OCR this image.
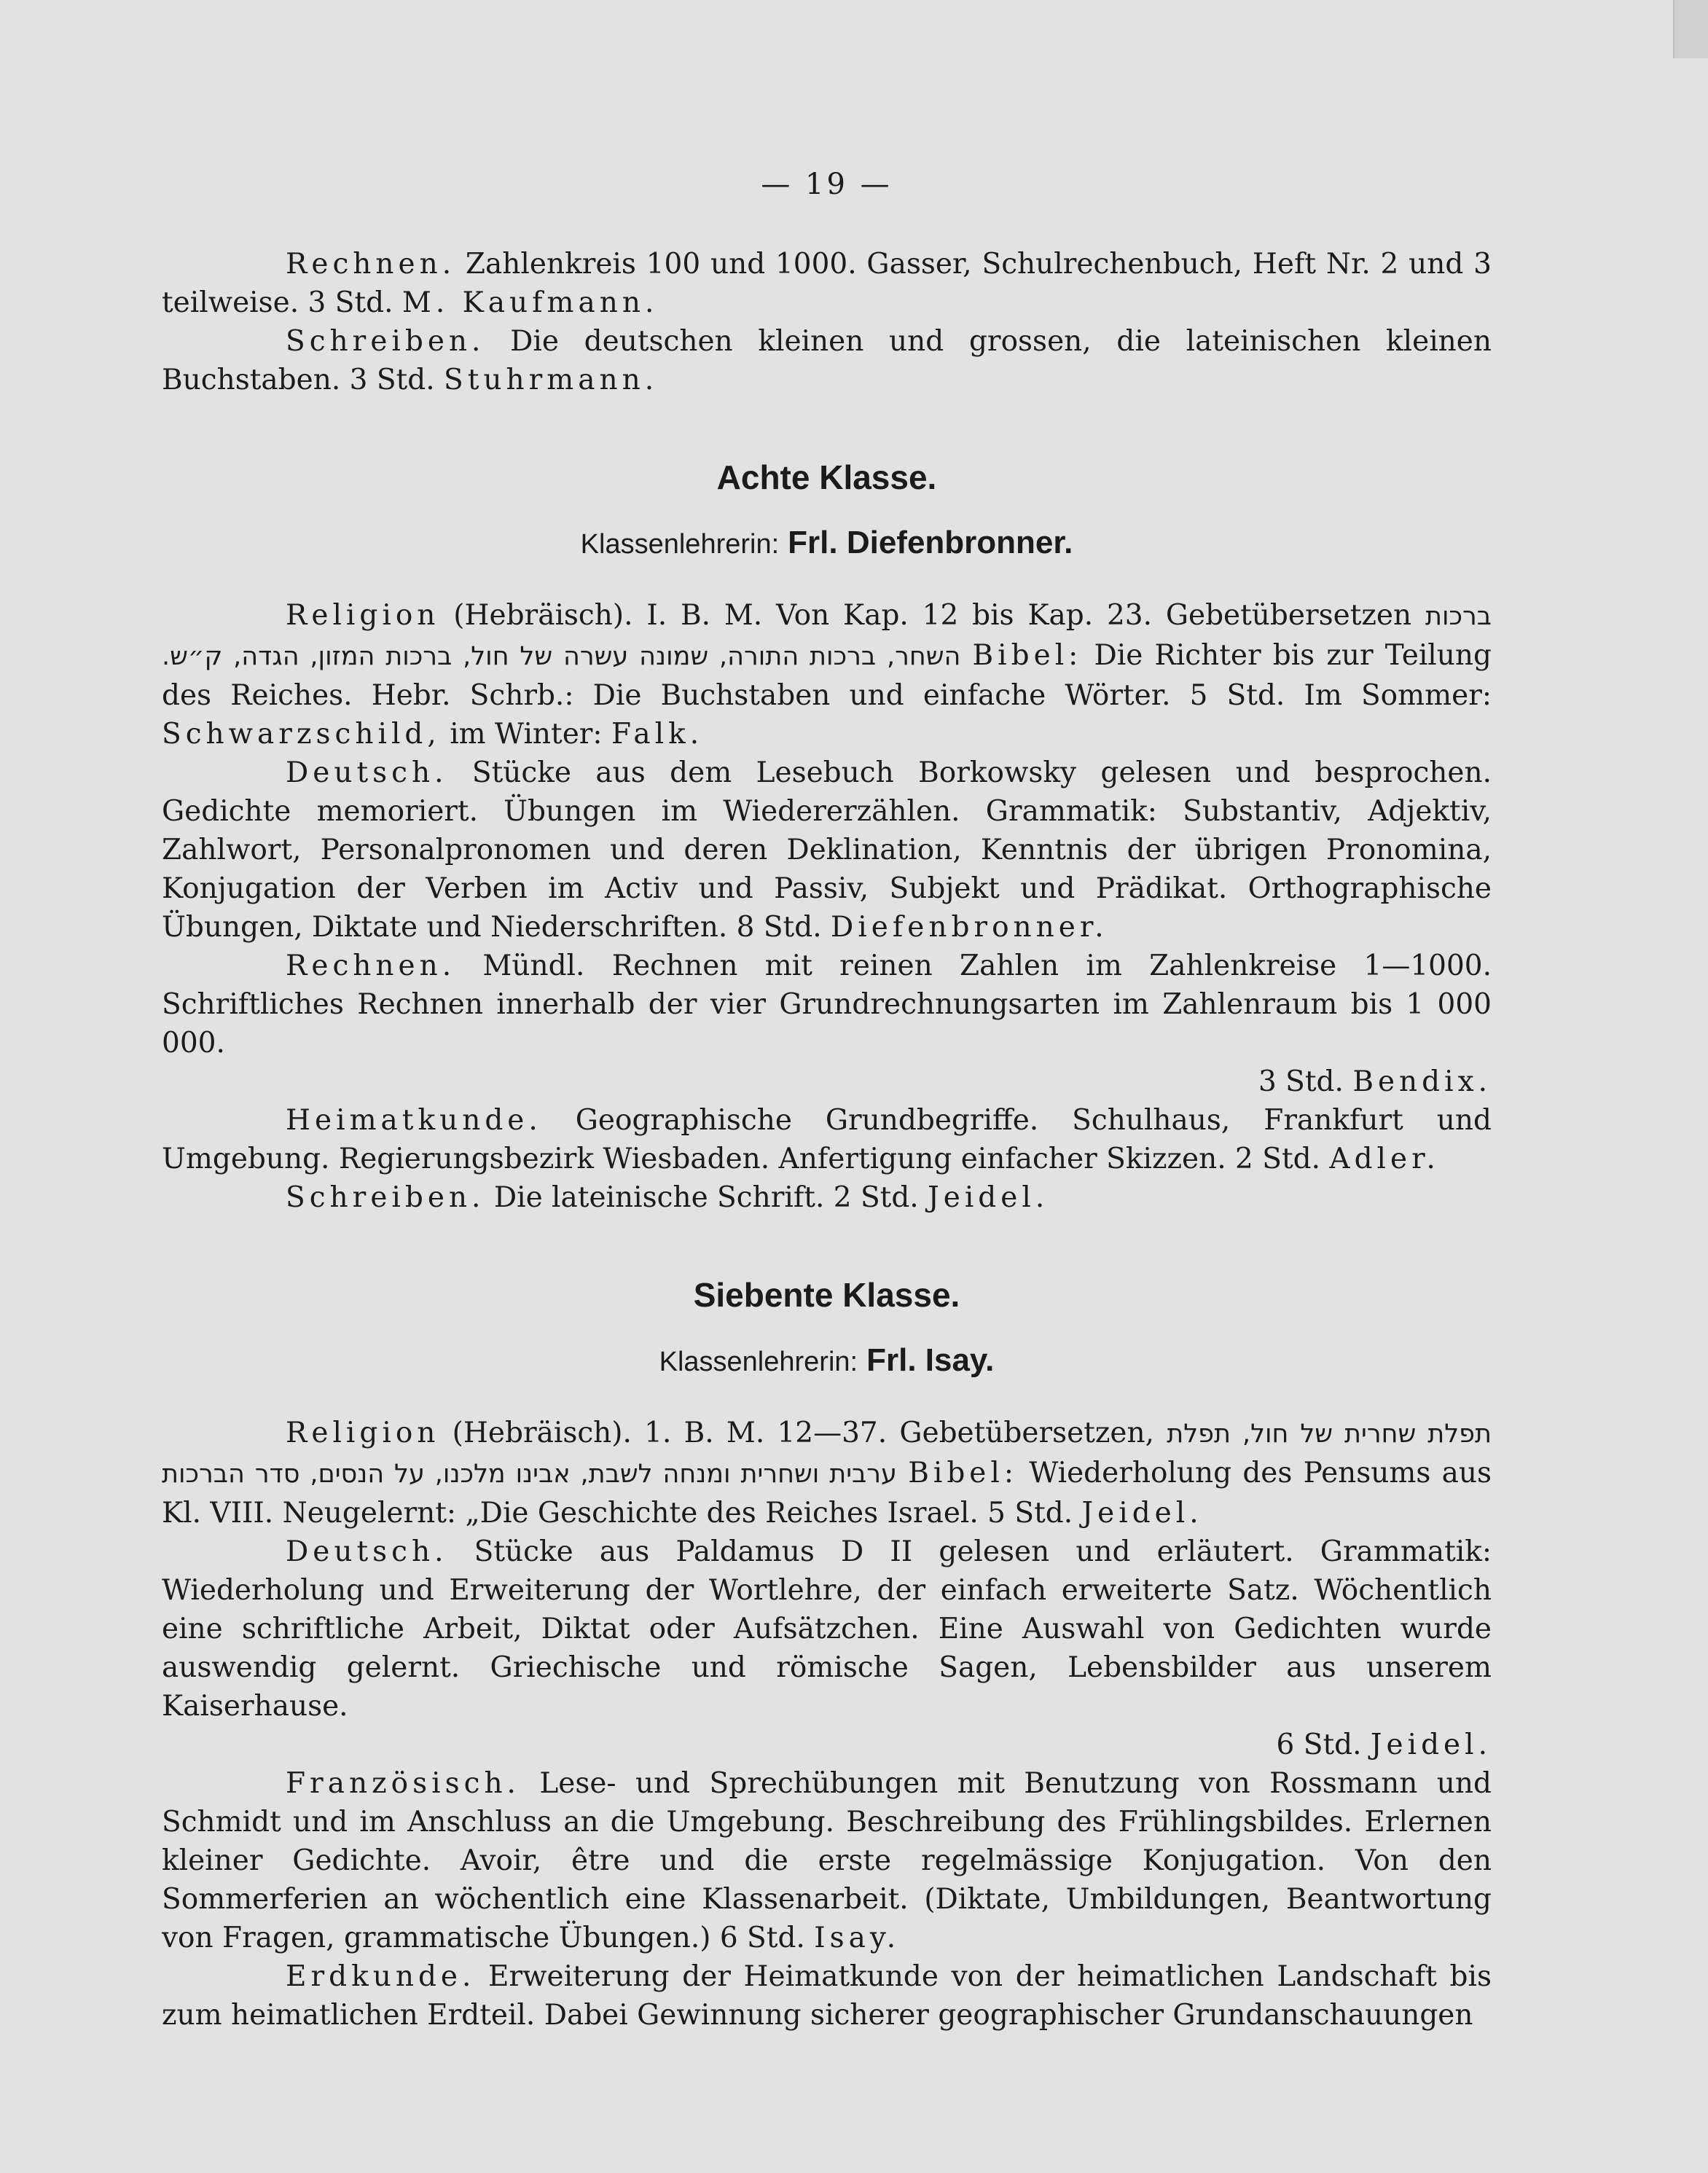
— 19 —

Rechnen. Zahlenkreis 100 und 1000. Gasser, Schulrechenbuch, Heft Nr. 2 und 3 teilweise. 3 Std. M. Kaufmann.

Schreiben. Die deutschen kleinen und grossen, die lateinischen kleinen Buchstaben. 3 Std. Stuhrmann.

Achte Klasse.
Klassenlehrerin: Frl. Diefenbronner.

Religion (Hebräisch). I. B. M. Von Kap. 12 bis Kap. 23. Gebetübersetzen ברכות השחר, ברכות התורה, שמונה עשרה של חול, ברכות המזון, הגדה, ק״ש. Bibel: Die Richter bis zur Teilung des Reiches. Hebr. Schrb.: Die Buchstaben und einfache Wörter. 5 Std. Im Sommer: Schwarzschild, im Winter: Falk.

Deutsch. Stücke aus dem Lesebuch Borkowsky gelesen und besprochen. Gedichte memoriert. Übungen im Wiedererzählen. Grammatik: Substantiv, Adjektiv, Zahlwort, Personalpronomen und deren Deklination, Kenntnis der übrigen Pronomina, Konjugation der Verben im Activ und Passiv, Subjekt und Prädikat. Orthographische Übungen, Diktate und Niederschriften. 8 Std. Diefenbronner.

Rechnen. Mündl. Rechnen mit reinen Zahlen im Zahlenkreise 1—1000. Schriftliches Rechnen innerhalb der vier Grundrechnungsarten im Zahlenraum bis 1 000 000.

3 Std. Bendix.

Heimatkunde. Geographische Grundbegriffe. Schulhaus, Frankfurt und Umgebung. Regierungsbezirk Wiesbaden. Anfertigung einfacher Skizzen. 2 Std. Adler.

Schreiben. Die lateinische Schrift. 2 Std. Jeidel.

Siebente Klasse.
Klassenlehrerin: Frl. Isay.

Religion (Hebräisch). 1. B. M. 12—37. Gebetübersetzen, תפלת שחרית של חול, תפלת ערבית ושחרית ומנחה לשבת, אבינו מלכנו, על הנסים, סדר הברכות Bibel: Wiederholung des Pensums aus Kl. VIII. Neugelernt: „Die Geschichte des Reiches Israel. 5 Std. Jeidel.

Deutsch. Stücke aus Paldamus D II gelesen und erläutert. Grammatik: Wiederholung und Erweiterung der Wortlehre, der einfach erweiterte Satz. Wöchentlich eine schriftliche Arbeit, Diktat oder Aufsätzchen. Eine Auswahl von Gedichten wurde auswendig gelernt. Griechische und römische Sagen, Lebensbilder aus unserem Kaiserhause.

6 Std. Jeidel.

Französisch. Lese- und Sprechübungen mit Benutzung von Rossmann und Schmidt und im Anschluss an die Umgebung. Beschreibung des Frühlingsbildes. Erlernen kleiner Gedichte. Avoir, être und die erste regelmässige Konjugation. Von den Sommerferien an wöchentlich eine Klassenarbeit. (Diktate, Umbildungen, Beantwortung von Fragen, grammatische Übungen.) 6 Std. Isay.

Erdkunde. Erweiterung der Heimatkunde von der heimatlichen Landschaft bis zum heimatlichen Erdteil. Dabei Gewinnung sicherer geographischer Grundanschauungen
